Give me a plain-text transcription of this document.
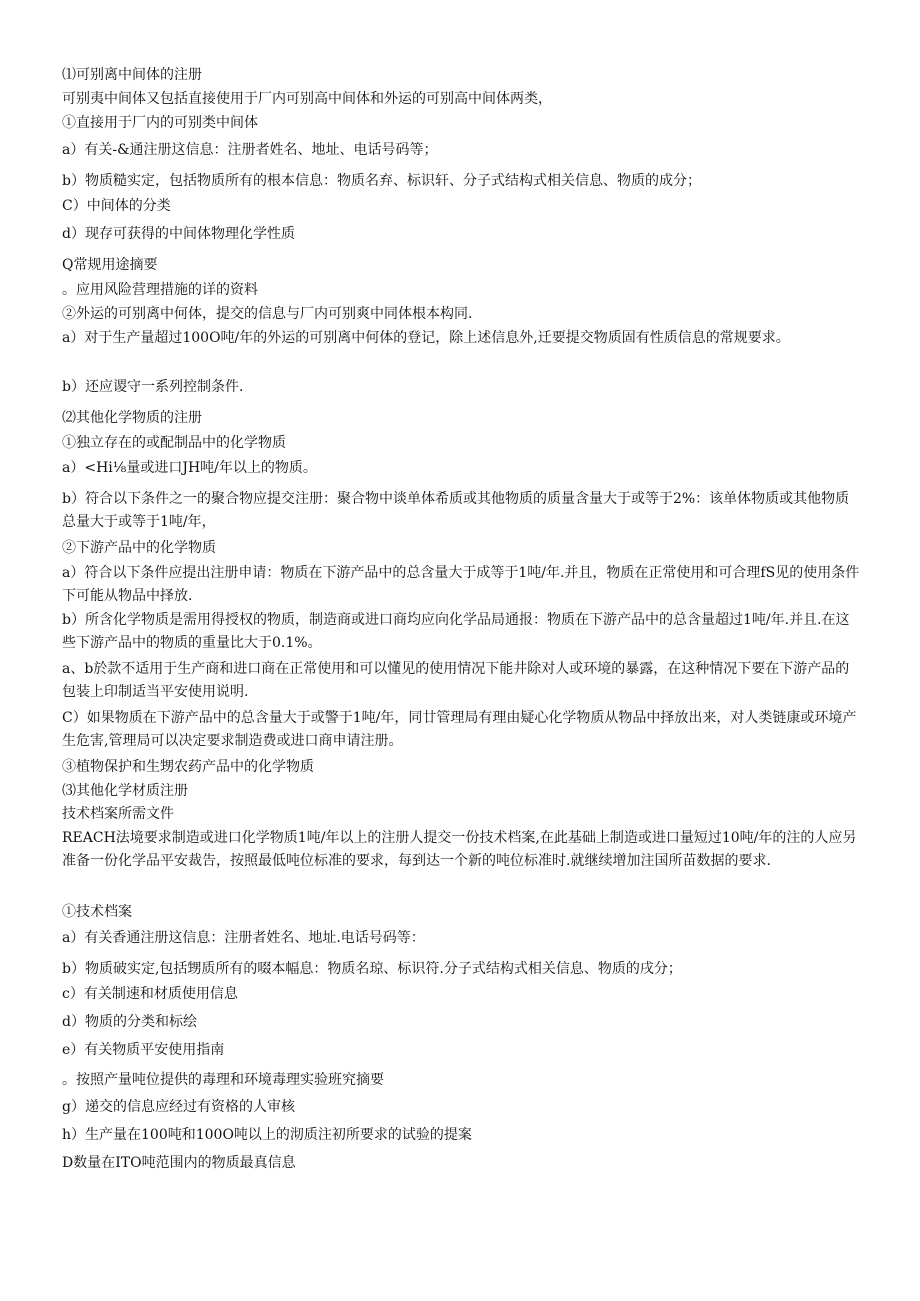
⑴可别离中间体的注册
可别夷中间体又包括直接使用于厂内可别高中间体和外运的可别高中间体两类，
①直接用于厂内的可别类中间体
a）有关-&通注册这信息：注册者姓名、地址、电话号码等；
b）物质糙实定，包括物质所有的根本信息：物质名弃、标识轩、分子式结构式相关信息、物质的成分；
C）中间体的分类
d）现存可获得的中间体物理化学性质
Q常规用途摘要
。应用风险营理措施的详的资料
②外运的可别离中何体，提交的信息与厂内可别爽中同体根本构同.
a）对于生产量超过100O吨/年的外运的可别离中何体的登记，除上述信息外,迁要提交物质固有性质信息的常规要求。
b）还应谡守一系列控制条件.
⑵其他化学物质的注册
①独立存在的或配制品中的化学物质
a）<Hi⅛量或进口JH吨/年以上的物质。
b）符合以下条件之一的聚合物应提交注册：聚合物中谈单体希质或其他物质的质量含量大于或等于2%：该单体物质或其他物质总量大于或等于1吨/年，
②下游产品中的化学物质
a）符合以下条件应提出注册申请：物质在下游产品中的总含量大于成等于1吨/年.并且，物质在正常使用和可合理fS见的使用条件下可能从物品中择放.
b）所含化学物质是需用得授权的物质，制造商或进口商均应向化学品局通报：物质在下游产品中的总含量超过1吨/年.并且.在这些下游产品中的物质的重量比大于0.1%。
a、b於款不适用于生产商和进口商在正常使用和可以懂见的使用情况下能井除对人或环境的暴露，在这种情况下要在下游产品的包装上印制适当平安使用说明.
C）如果物质在下游产品中的总含量大于或警于1吨/年，同廿管理局有理由疑心化学物质从物品中择放出来，对人类链康或环境产生危害,管理局可以决定要求制造费或进口商申请注册。
③植物保护和生甥农药产品中的化学物质
⑶其他化学材质注册
技术档案所需文件
REACH法境要求制造或进口化学物质1吨/年以上的注册人提交一份技术档案,在此基础上制造或进口量短过10吨/年的注的人应另准备一份化学品平安裁告，按照最低吨位标准的要求，每到达一个新的吨位标准时.就继续增加注国所苗数据的要求.
①技术档案
a）有关香通注册这信息：注册者姓名、地址.电话号码等：
b）物质破实定,包括甥质所有的啜本幅息：物质名琼、标识符.分子式结构式相关信息、物质的戌分；
c）有关制速和材质使用信息
d）物质的分类和标绘
e）有关物质平安使用指南
。按照产量吨位提供的毒理和环境毒理实验班究摘要
g）递交的信息应经过有资格的人审核
h）生产量在100吨和100O吨以上的沏质注初所要求的试验的提案
D数量在ITO吨范围内的物质最真信息
